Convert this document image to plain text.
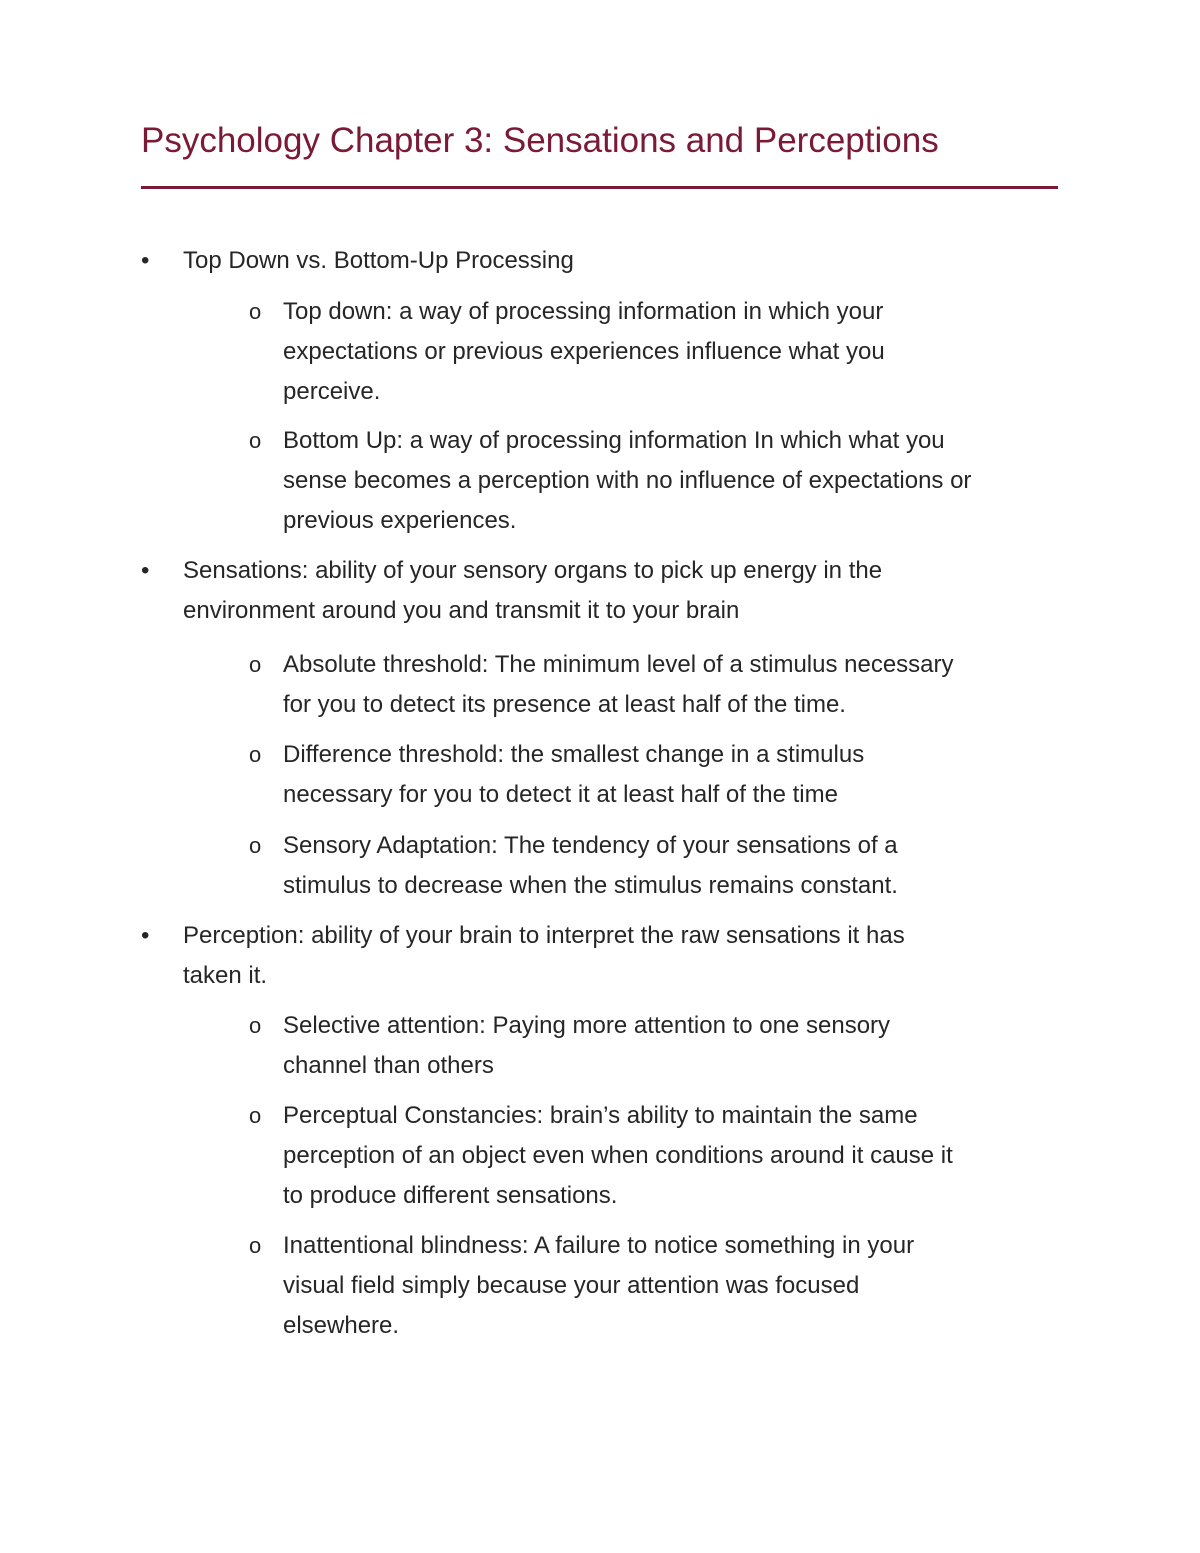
Psychology Chapter 3: Sensations and Perceptions
•	Top Down vs. Bottom-Up Processing
o Top down: a way of processing information in which your
expectations or previous experiences influence what you
perceive.
o Bottom Up: a way of processing information In which what you
sense becomes a perception with no influence of expectations or
previous experiences.
•	Sensations: ability of your sensory organs to pick up energy in the
environment around you and transmit it to your brain
o Absolute threshold: The minimum level of a stimulus necessary
for you to detect its presence at least half of the time.
o Difference threshold: the smallest change in a stimulus
necessary for you to detect it at least half of the time
o Sensory Adaptation: The tendency of your sensations of a
stimulus to decrease when the stimulus remains constant.
•	Perception: ability of your brain to interpret the raw sensations it has
taken it.
o Selective attention: Paying more attention to one sensory
channel than others
o Perceptual Constancies: brain’s ability to maintain the same
perception of an object even when conditions around it cause it
to produce different sensations.
o Inattentional blindness: A failure to notice something in your
visual field simply because your attention was focused
elsewhere.
